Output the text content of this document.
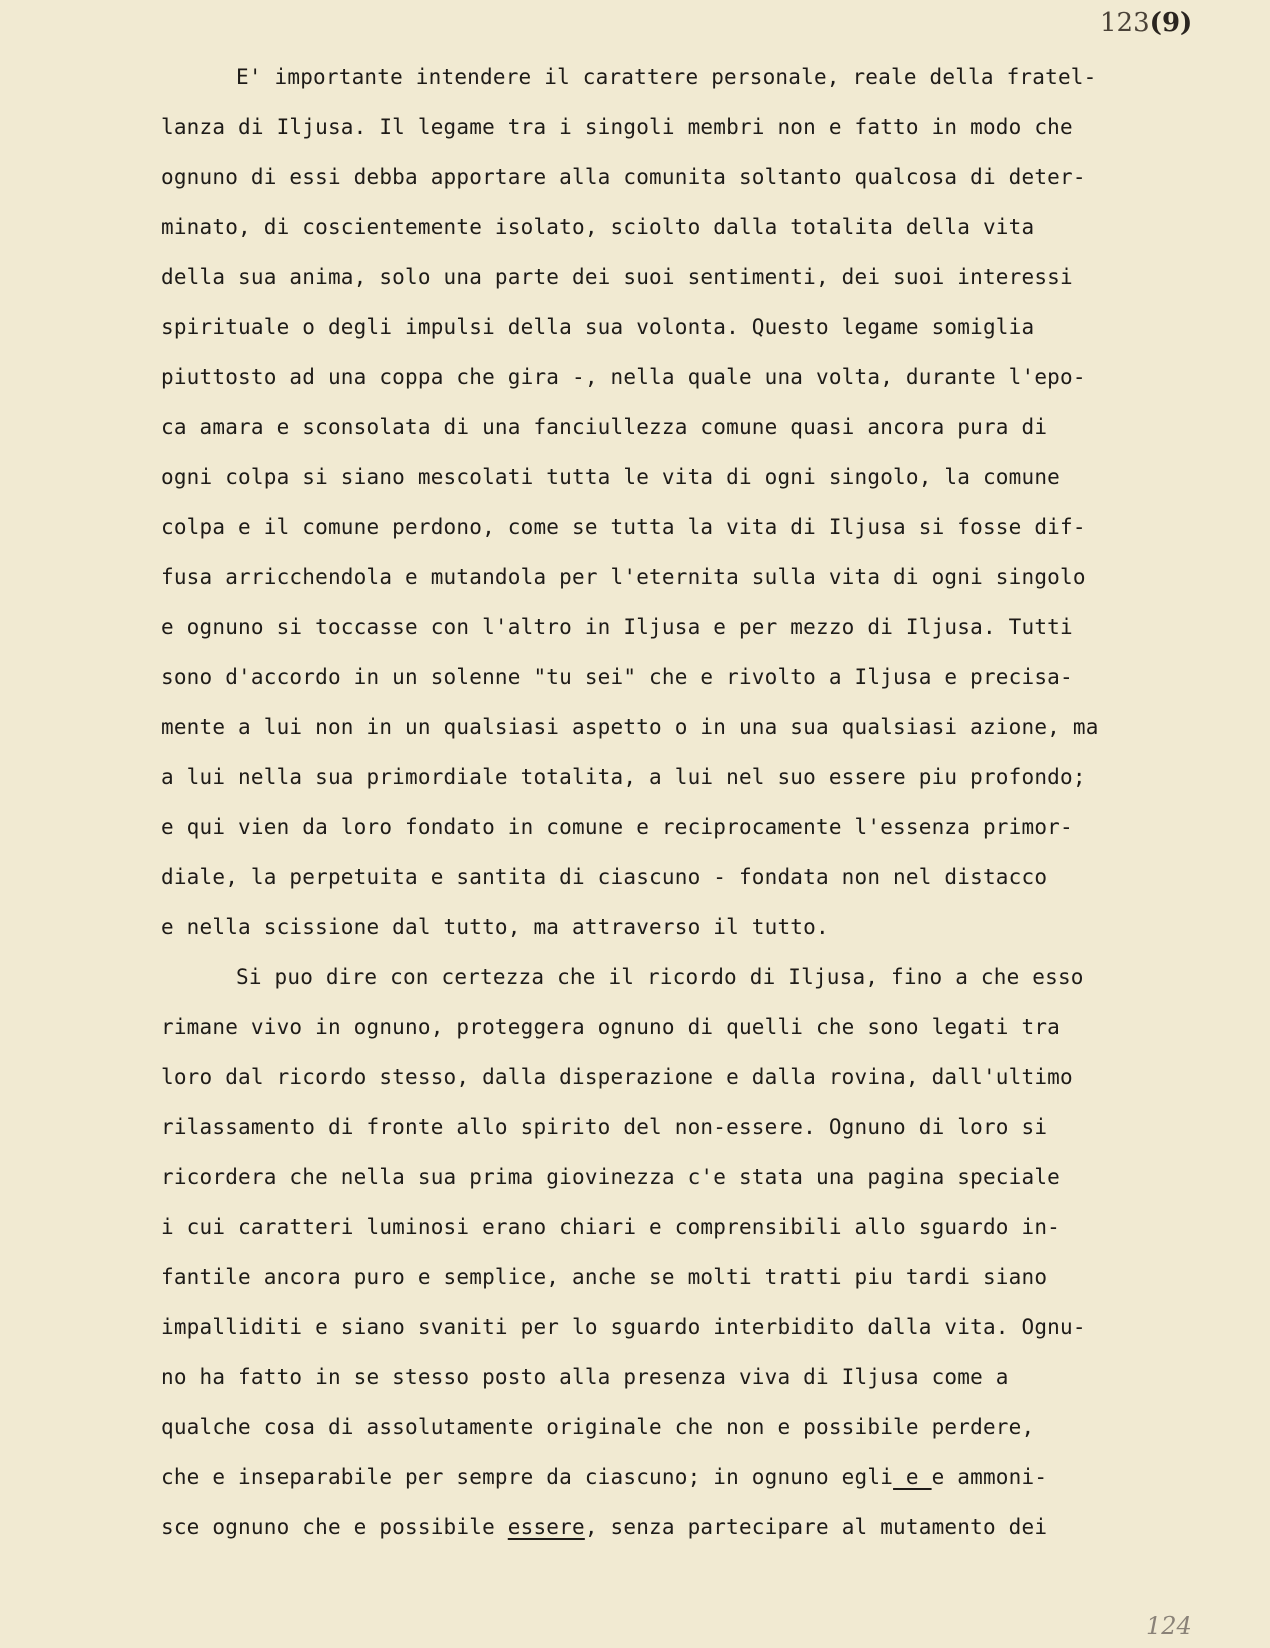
123(9)
E' importante intendere il carattere personale, reale della fratel-
lanza di Iljusa. Il legame tra i singoli membri non e fatto in modo che
ognuno di essi debba apportare alla comunita soltanto qualcosa di deter-
minato, di coscientemente isolato, sciolto dalla totalita della vita
della sua anima, solo una parte dei suoi sentimenti, dei suoi interessi
spirituale o degli impulsi della sua volonta. Questo legame somiglia
piuttosto ad una coppa che gira -, nella quale una volta, durante l'epo-
ca amara e sconsolata di una fanciullezza comune quasi ancora pura di
ogni colpa si siano mescolati tutta le vita di ogni singolo, la comune
colpa e il comune perdono, come se tutta la vita di Iljusa si fosse dif-
fusa arricchendola e mutandola per l'eternita sulla vita di ogni singolo
e ognuno si toccasse con l'altro in Iljusa e per mezzo di Iljusa. Tutti
sono d'accordo in un solenne "tu sei" che e rivolto a Iljusa e precisa-
mente a lui non in un qualsiasi aspetto o in una sua qualsiasi azione, ma
a lui nella sua primordiale totalita, a lui nel suo essere piu profondo;
e qui vien da loro fondato in comune e reciprocamente l'essenza primor-
diale, la perpetuita e santita di ciascuno - fondata non nel distacco
e nella scissione dal tutto, ma attraverso il tutto.
Si puo dire con certezza che il ricordo di Iljusa, fino a che esso
rimane vivo in ognuno, proteggera ognuno di quelli che sono legati tra
loro dal ricordo stesso, dalla disperazione e dalla rovina, dall'ultimo
rilassamento di fronte allo spirito del non-essere. Ognuno di loro si
ricordera che nella sua prima giovinezza c'e stata una pagina speciale
i cui caratteri luminosi erano chiari e comprensibili allo sguardo in-
fantile ancora puro e semplice, anche se molti tratti piu tardi siano
impalliditi e siano svaniti per lo sguardo interbidito dalla vita. Ognu-
no ha fatto in se stesso posto alla presenza viva di Iljusa come a
qualche cosa di assolutamente originale che non e possibile perdere,
che e inseparabile per sempre da ciascuno; in ognuno egli e e ammoni-
sce ognuno che e possibile essere, senza partecipare al mutamento dei
124
